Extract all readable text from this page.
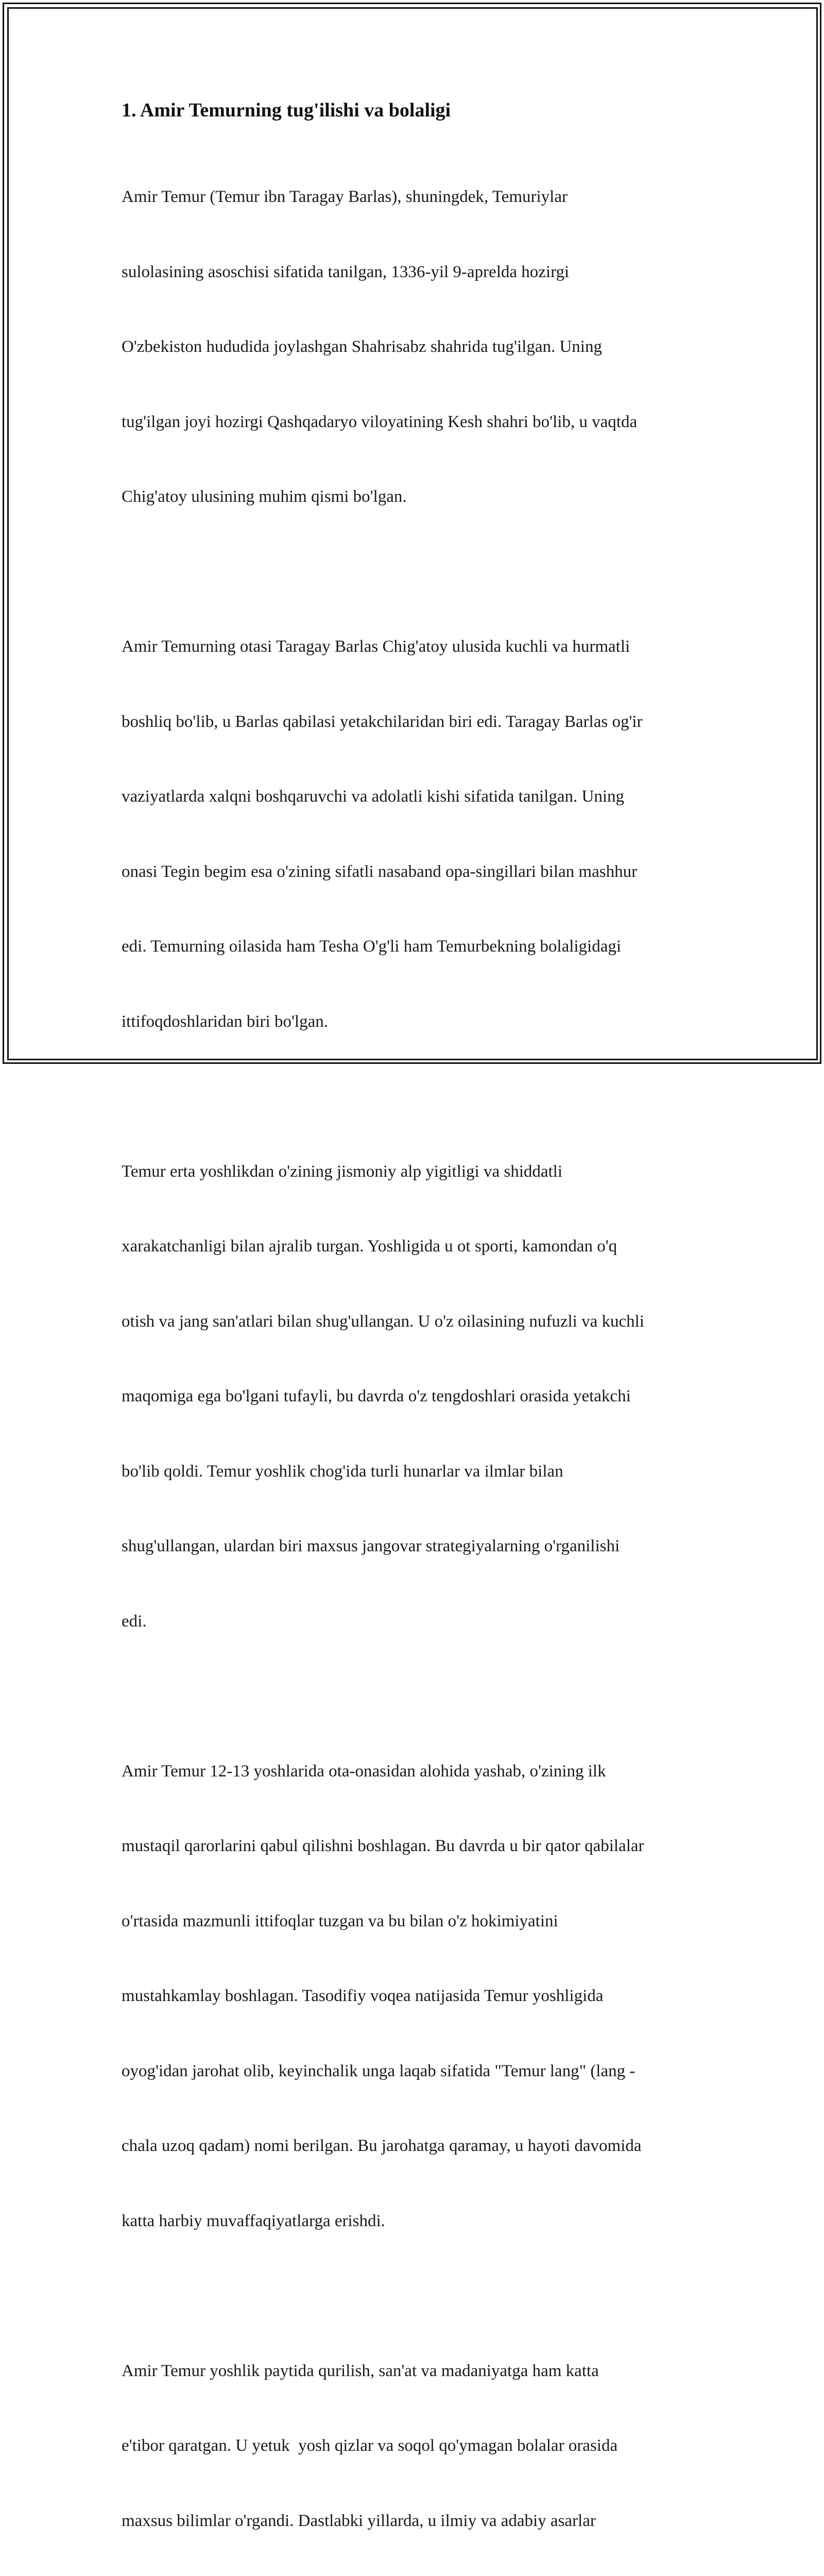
1. Amir Temurning tug'ilishi va bolaligi

Amir Temur (Temur ibn Taragay Barlas), shuningdek, Temuriylar

sulolasining asoschisi sifatida tanilgan, 1336-yil 9-aprelda hozirgi

O'zbekiston hududida joylashgan Shahrisabz shahrida tug'ilgan. Uning

tug'ilgan joyi hozirgi Qashqadaryo viloyatining Kesh shahri bo'lib, u vaqtda

Chig'atoy ulusining muhim qismi bo'lgan.

Amir Temurning otasi Taragay Barlas Chig'atoy ulusida kuchli va hurmatli

boshliq bo'lib, u Barlas qabilasi yetakchilaridan biri edi. Taragay Barlas og'ir

vaziyatlarda xalqni boshqaruvchi va adolatli kishi sifatida tanilgan. Uning

onasi Tegin begim esa o'zining sifatli nasaband opa-singillari bilan mashhur

edi. Temurning oilasida ham Tesha O'g'li ham Temurbekning bolaligidagi

ittifoqdoshlaridan biri bo'lgan.

Temur erta yoshlikdan o'zining jismoniy alp yigitligi va shiddatli

xarakatchanligi bilan ajralib turgan. Yoshligida u ot sporti, kamondan o'q

otish va jang san'atlari bilan shug'ullangan. U o'z oilasining nufuzli va kuchli

maqomiga ega bo'lgani tufayli, bu davrda o'z tengdoshlari orasida yetakchi

bo'lib qoldi. Temur yoshlik chog'ida turli hunarlar va ilmlar bilan

shug'ullangan, ulardan biri maxsus jangovar strategiyalarning o'rganilishi

edi.

Amir Temur 12-13 yoshlarida ota-onasidan alohida yashab, o'zining ilk

mustaqil qarorlarini qabul qilishni boshlagan. Bu davrda u bir qator qabilalar

o'rtasida mazmunli ittifoqlar tuzgan va bu bilan o'z hokimiyatini

mustahkamlay boshlagan. Tasodifiy voqea natijasida Temur yoshligida

oyog'idan jarohat olib, keyinchalik unga laqab sifatida "Temur lang" (lang -

chala uzoq qadam) nomi berilgan. Bu jarohatga qaramay, u hayoti davomida

katta harbiy muvaffaqiyatlarga erishdi.

Amir Temur yoshlik paytida qurilish, san'at va madaniyatga ham katta

e'tibor qaratgan. U yetuk  yosh qizlar va soqol qo'ymagan bolalar orasida

maxsus bilimlar o'rgandi. Dastlabki yillarda, u ilmiy va adabiy asarlar
